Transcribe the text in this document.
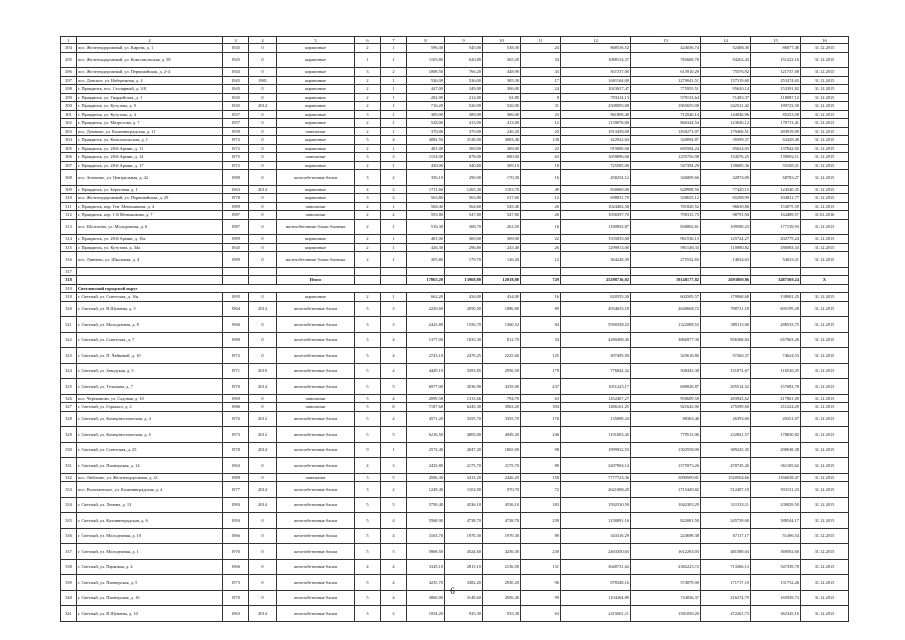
1	2	3	4	5	6	7	8	9	10	11	12	13	14	15	16
294	пос. Железнодорожный, ул. Кирова, д. 1	1945	0	кирпичные	2	1	596,30	545,00	538,30	24	868516,52	424036,74	52408,30	86077,48	31.12.2015
295	пос. Железнодорожный, ул. Комсомольская, д. 58	1945	0	кирпичные	1	1	1105,80	620,80	565,20	34	1088154,37	765668,78	94262,43	151223,16	31.12.2015
296	пос. Железнодорожный, ул. Первомайская, д. 2-4	1943	0	кирпичные	3	2	1008,50	766,20	448,90	43	811537,00	613910,29	75576,92	121737,68	31.12.2015
297	пос. Донское, ул. Набережная, д. 4	1945	1981	кирпичные	2	1	526,00	526,00	385,30	17	1691164,00	1279041,51	157519,60	253474,65	31.12.2015
298	г. Правдинск, пос. Столярный, д. 3/8	1945	0	кирпичные	2	1	447,00	349,00	306,00	24	1023637,47	775955,51	95620,14	153391,82	31.12.2015
299	г. Правдинск, ул. Гвардейская, д. 1	1945	0	кирпичные	2	1	282,00	212,00	63,80	8	783314,13	579133,64	71493,37	118087,12	31.12.2015
300	г. Правдинск, ул. Кутузова, д. 9	1945	2014	кирпичные	2	1	716,20	526,90	526,90	31	2508095,00	1965655,08	242521,42	189723,50	31.12.2015
301	г. Правдинск, ул. Кутузова, д. 4	1937	0	кирпичные	3	1	389,00	389,00	306,00	23	961809,40	712540,14	144046,96	85253,58	31.12.2015
302	г. Правдинск, ул. Матросова, д. 7	1957	0	кирпичные	2	1	528,00	413,00	413,00	12	1159076,00	866344,54	123020,12	170711,41	31.12.2015
303	пос. Домново, ул. Калининградская, д. 11	1959	0	панельные	2	1	370,00	370,00	246,20	25	1913458,00	1450271,07	179460,51	283919,09	31.12.2015
304	г. Правдинск, ул. Комсомольская, д. 1	1972	0	кирпичные	5	4	4082,50	3128,00	3083,40	138	422922,64	320094,87	39399,37	63428,40	31.12.2015
305	г. Правдинск, ул. 28-й Армии, д. 11	1972	0	кирпичные	2	1	481,00	369,00	369,00	22	919000,00	695584,24	85624,03	137842,05	31.12.2015
306	г. Правдинск, ул. 28-й Армии, д. 14	1975	0	панельные	3	3	1154,00	878,00	680,00	63	1659896,00	1255756,98	154576,25	159092,11	31.12.2015
307	г. Правдинск, ул. 28-й Армии, д. 17	1972	0	кирпичные	2	1	430,00	340,60	309,10	18	725585,00	547394,29	139685,36	55108,31	31.12.2015
308	пос. Зеленино, ул. Центральная, д. 42	1980	0	железобетонные блоки	3	2	356,10	290,00	170,30	16	458254,12	346809,66	42874,09	68783,27	31.12.2015
309	г. Правдинск, ул. Береговая, д. 1	1963	2014	кирпичные	4	2	1711,60	1265,30	1183,70	49	830069,00	628998,50	77420,15	124540,35	31.12.2015
310	пос. Железнодорожный, ул. Первомайская, д. 29	1978	0	кирпичные	3	2	563,80	563,80	517,60	12	698831,79	528655,12	65298,99	104821,77	31.12.2015
311	г. Правдинск, пер. Ген. Меньшикова, д. 4	1989	0	панельные	2	1	568,40	564,60	545,40	26	1024482,38	781820,52	96630,86	153075,59	31.12.2015
312	г. Правдинск, пер. 1-й Меньшикова, д. 7	1987	0	панельные	2	2	593,80	547,80	547,80	26	1056597,70	790315,75	98791,94	164489,57	31.01.2016
313	пос. Шолохово, ул. Молодежная, д. 6	1987	0	железобетонные блоки блочные	2	1	516,30	368,70	263,50	16	1180092,87	836802,61	109590,23	177139,93	31.12.2015
314	г. Правдинск, ул. 28-й Армии, д. 16а	1989	0	кирпичные	2	1	481,00	369,00	369,00	22	1555835,00	961536,13	125724,27	202775,24	31.12.2015
315	г. Правдинск, ул. Кутузова, д. 34а	1945	0	кирпичные	2	1	426,30	296,80	245,40	26	1299813,00	981148,33	110880,82	186083,33	31.12.2015
316	пос. Ливнево, ул. Школьная, д. 4	1989	0	железобетонные блоки блочные	2	1	305,80	179,70	126,20	12	364220,39	275532,65	14654,63	54633,31	31.12.2015
317															
318				Итого			17865,20	13968,80	12018,80	729	25298716,02	19148177,82	2693869,86	3487369,24	Х
319	Светловский городской округ														
319	г. Светлый, ул. Советская, д. 16а	1995	0	кирпичные	2	1	662,20	434,00	434,00	16	820555,30	602505,57	179968,68	138081,25	31.12.2015
320	г. Светлый, ул. В.Шуваева, д. 5	1964	2014	железобетонные блоки	5	3	2229,60	2050,50	1886,80	89	4934635,18	2640668,72	788731,18	605199,28	31.12.2015
321	г. Светлый, ул. Молодежная, д. 8	1966	0	железобетонные блоки	3	3	2423,80	1556,70	1360,52	84	5590358,23	1322088,53	389115,06	288533,75	31.12.2015
322	г. Светлый, ул. Советская, д. 7	1980	0	железобетонные блоки	3	4	1377,00	1035,30	812,70	34	4280408,40	3866977,30	856368,84	657063,26	31.12.2015
323	г. Светлый, ул. П. Чайковой, д. 10	1972	0	железобетонные блоки	5	4	2743,10	2470,25	2225,60	125	497495,50	325610,80	97260,37	74624,53	31.12.2015
324	г. Светлый, ул. Заводская, д. 5	1971	2010	железобетонные блоки	5	4	4429,10	3393,85	2956,50	179	776842,32	508443,30	151872,67	116526,35	31.12.2015
325	г. Светлый, ул. Тельмана, д. 7	1970	2014	железобетонные блоки	5	5	6977,00	4536,90	4335,00	237	1051225,17	688026,87	205514,52	157683,78	31.12.2015
326	пос. Черепаново, ул. Садовая, д. 10	1969	0	панельные	5	4	2099,58	1313,66	794,70	63	1452407,27	950609,50	283943,62	217861,09	31.12.2015
327	г. Светлый, ул. Горького, д. 2	1986	0	панельные	5	8	7187,60	6245,30	3963,20	394	1486161,25	921642,00	275399,60	211224,29	31.12.2015
328	г. Светлый, ул. Коммунистическая, д. 4	1976	2012	железобетонные блоки	5	4	4571,20	3355,70	3355,70	176	135009,24	88363,46	26393,60	20251,07	31.12.2015
329	г. Светлый, ул. Коммунистическая, д. 6	1973	2012	железобетонные блоки	5	5	6216,50	4803,00	4049,20	246	1191003,45	779513,06	232841,57	178650,82	31.12.2015
330	г. Светлый, ул. Советская, д. 25	1978	2014	железобетонные блоки	9	1	2572,40	2047,20	1865,00	98	1999922,53	1302558,00	389225,35	298638,38	31.12.2015
331	г. Светлый, ул. Пионерская, д. 14	1963	0	железобетонные блоки	4	3	2433,80	2175,70	2175,70	80	2407904,14	1575973,26	470745,26	361185,62	31.12.2015
332	пос. Люблино, ул. Железнодорожная, д. 21	1989	0	панельные	5	5	4596,30	3413,20	2426,20	158	7777723,36	5090509,81	1520504,66	1166658,47	31.12.2015
333	пос. Волочаевское, ул. Калининградская, д. 4	1977	2014	железобетонные блоки	3	2	1249,40	1102,90	970,70	72	2621008,20	1715449,82	512407,10	393151,23	31.12.2015
334	г. Светлый, ул. Ленина, д. 13	1984	2014	железобетонные блоки	5	5	5750,40	4536,10	4536,10	183	1592530,59	1042303,29	311335,11	239029,50	31.12.2015
335	г. Светлый, ул. Калининградская, д. 6	1994	0	железобетонные блоки	5	4	5568,90	4738,70	4738,70	239	1258091,16	822081,50	245739,00	188544,17	31.12.2015
336	г. Светлый, ул. Молодежная, д. 10	1966	0	железобетонные блоки	5	4	3163,70	1970,30	1970,30	89	343316,29	224698,38	67117,17	51496,54	31.12.2015
337	г. Светлый, ул. Молодежная, д. 1	1976	0	железобетонные блоки	5	5	5968,50	4524,60	4256,30	230	2463350,65	1612263,03	481580,04	369502,60	31.12.2015
338	г. Светлый, ул. Парковая, д. 4	1966	0	железобетонные блоки	4	4	3345,10	2815,10	2136,50	131	3640731,62	2382223,72	713366,13	547339,78	31.12.2015
339	г. Светлый, ул. Пионерская, д. 5	1973	0	железобетонные блоки	5	4	4235,70	3382,20	2930,20	96	878348,16	574879,00	171717,10	131752,26	31.12.2015
340	г. Светлый, ул. Пионерская, д. 16	1970	0	железобетонные блоки	5	4	3860,00	3148,60	2956,40	99	1104264,89	724036,37	216274,79	165939,73	31.12.2015
341	г. Светлый, ул. В.Шуваева, д. 10	1963	2014	железобетонные блоки	3	2	1054,20	935,30	935,30	63	2415601,11	1581050,20	472261,73	362345,16	31.12.2015
6
